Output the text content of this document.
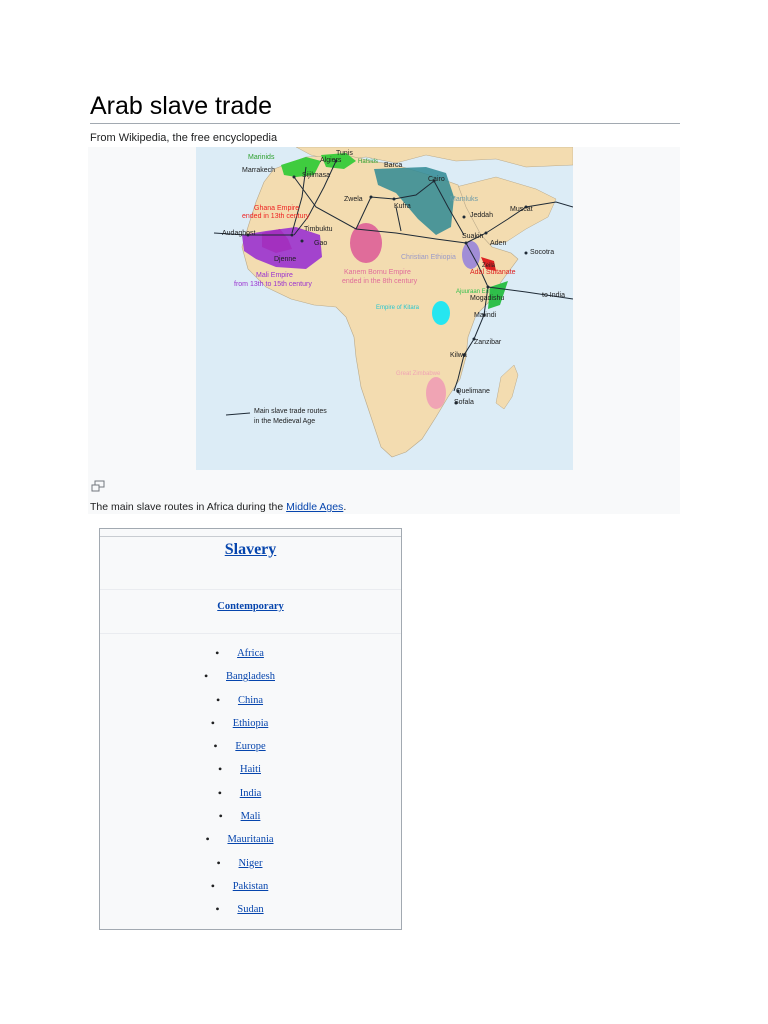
Arab slave trade
From Wikipedia, the free encyclopedia
Marinids
Tunis
Algiers	Hafsids Barca
Marrakech
Sijilmasa
Cairo
Mamluks
Zwela
Kufra
Jeddah
Muscat
Ghana Empire
ended in 13th century
Audaghost
Timbuktu
Gao
Suakin
Aden
Socotra
Djenne	Christian Ethiopia
Zeila
Adal Sultanate
Mali Empire
from 13th to 15th century
Kanem Bornu Empire
ended in the 8th century
Ajuuraan Empire
Mogadishu	to India
Empire of Kitara
Malindi
Zanzibar
Kilwa
Great Zimbabwe
Quelimane
Sofala
Main slave trade routes
in the Medieval Age
The main slave routes in Africa during the Middle Ages.
Slavery
Contemporary
• Africa
• Bangladesh
• China
• Ethiopia
• Europe
• Haiti
• India
• Mali
• Mauritania
• Niger
• Pakistan
• Sudan
